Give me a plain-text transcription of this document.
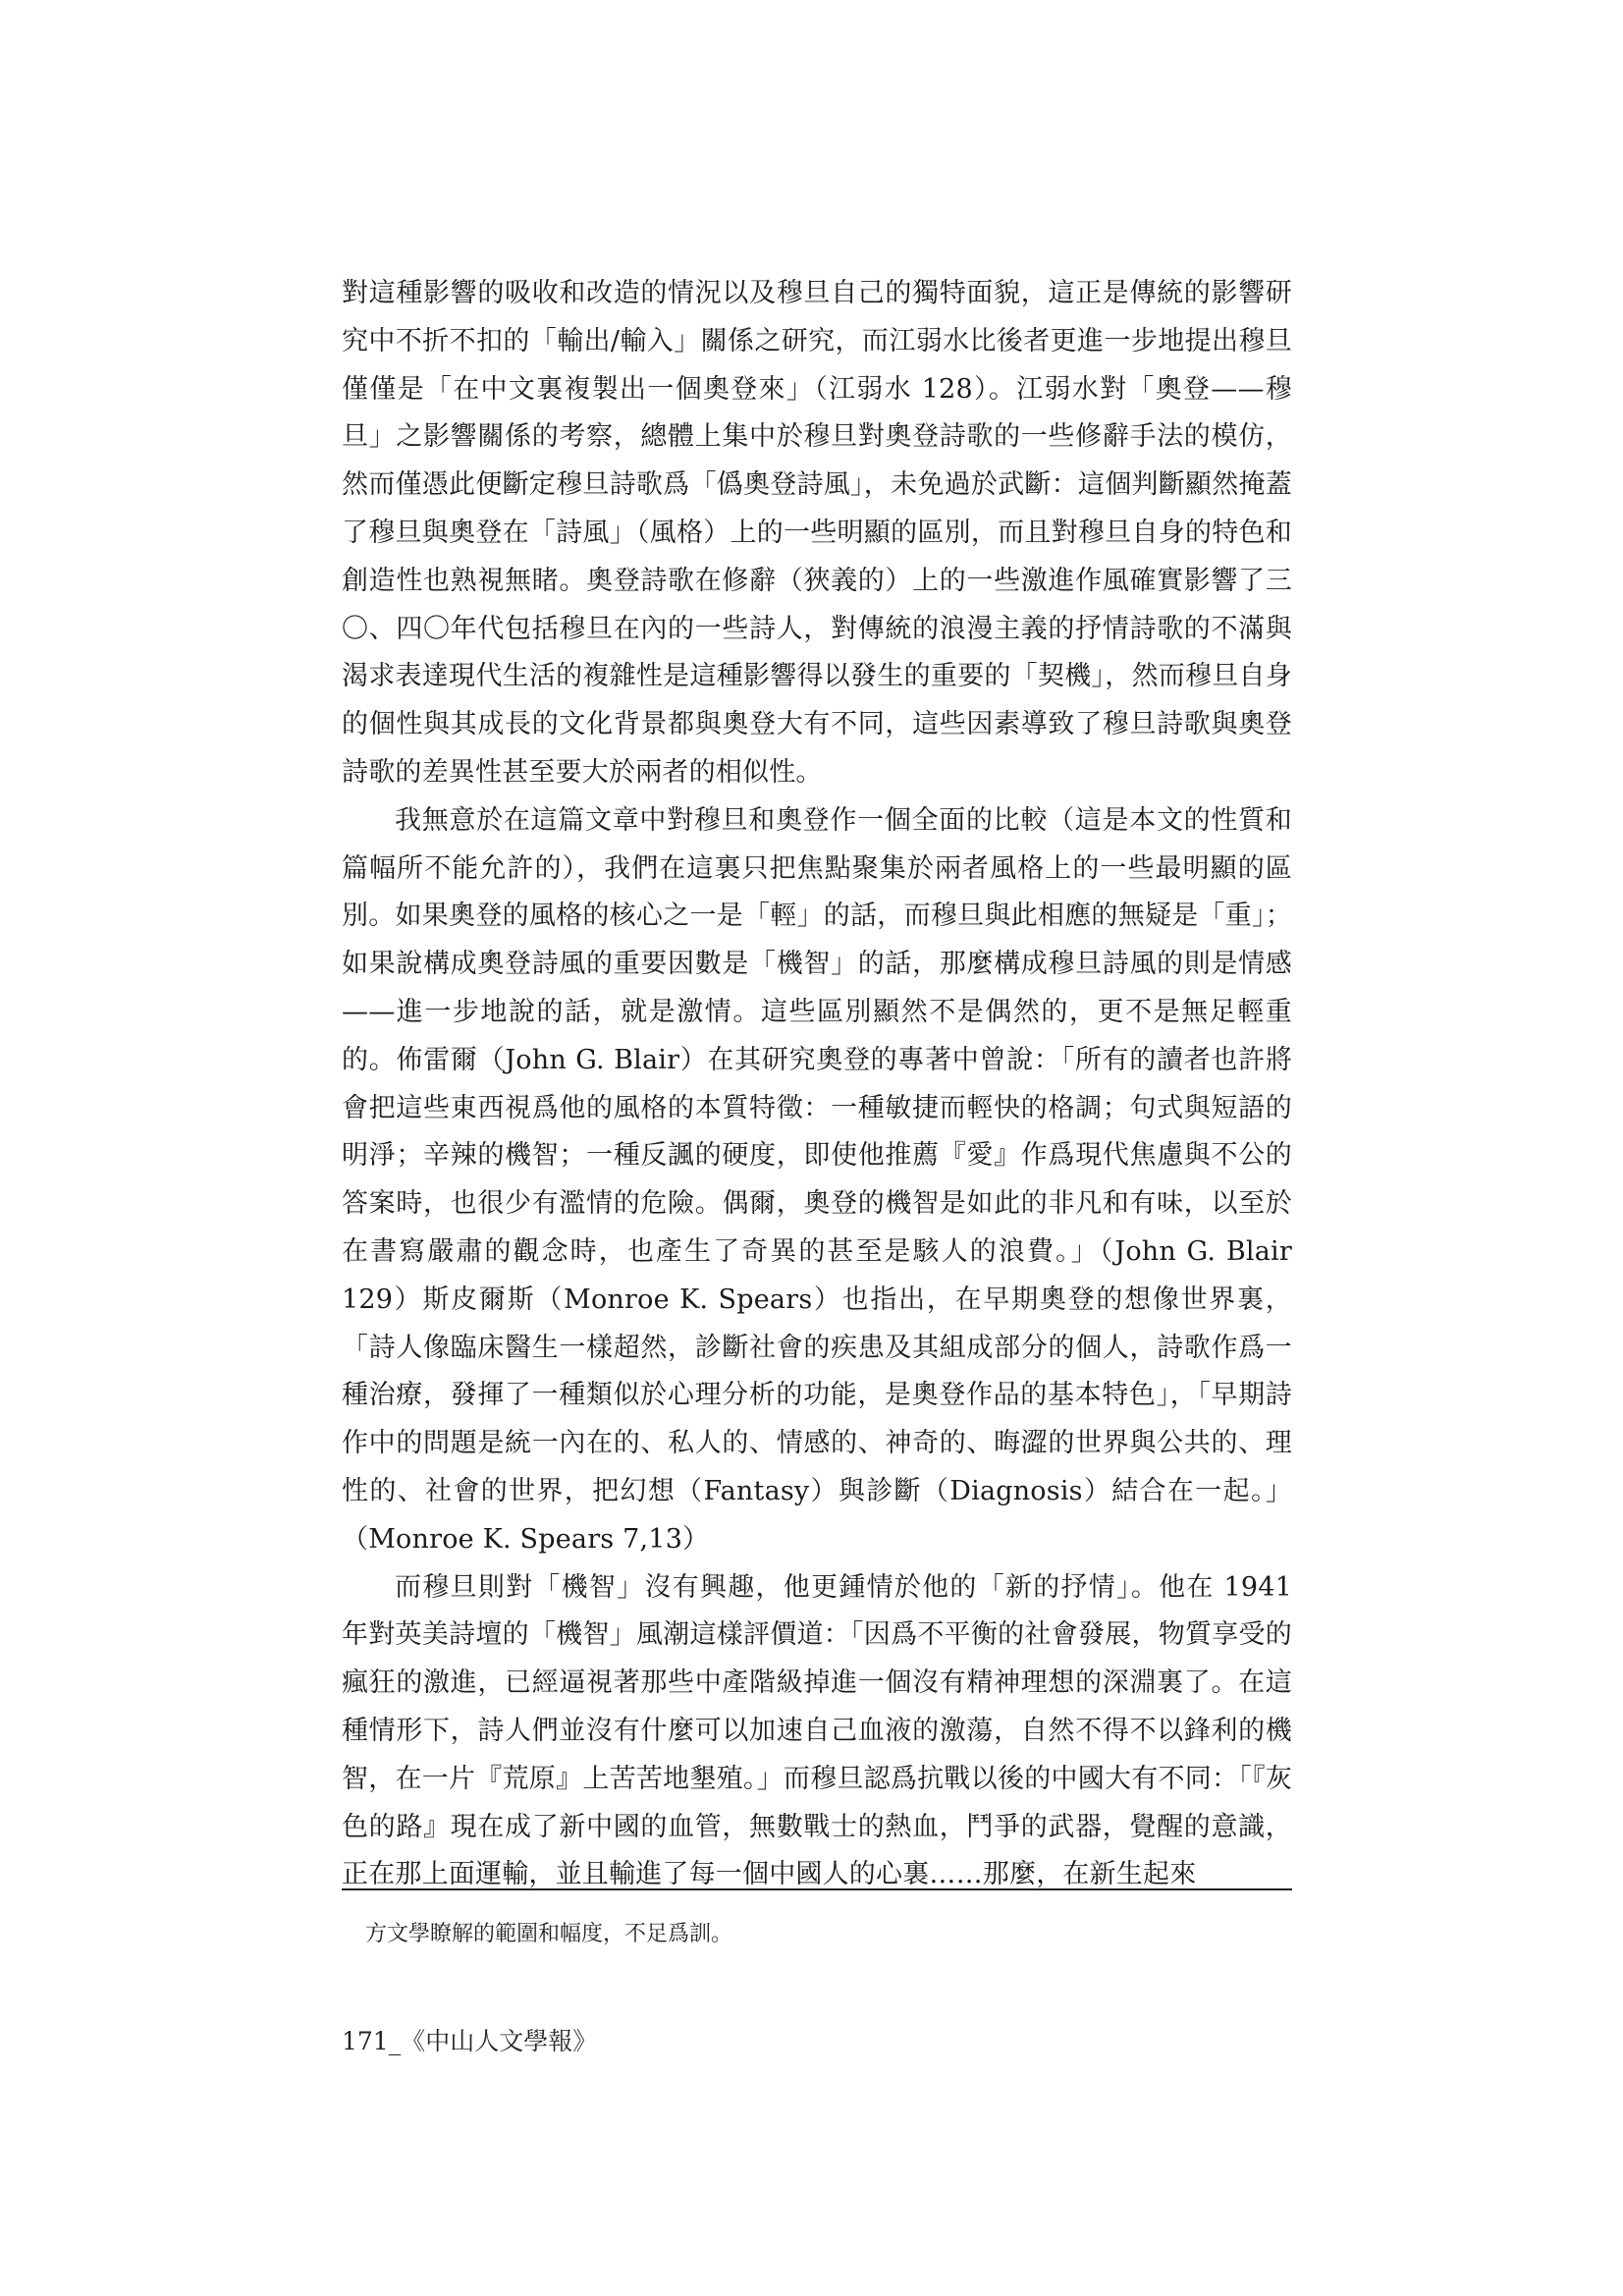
對這種影響的吸收和改造的情況以及穆旦自己的獨特面貌，這正是傳統的影響研究中不折不扣的「輸出/輸入」關係之研究，而江弱水比後者更進一步地提出穆旦僅僅是「在中文裏複製出一個奧登來」（江弱水 128）。江弱水對「奧登——穆旦」之影響關係的考察，總體上集中於穆旦對奧登詩歌的一些修辭手法的模仿，然而僅憑此便斷定穆旦詩歌爲「僞奧登詩風」，未免過於武斷：這個判斷顯然掩蓋了穆旦與奧登在「詩風」（風格）上的一些明顯的區別，而且對穆旦自身的特色和創造性也熟視無睹。奧登詩歌在修辭（狹義的）上的一些激進作風確實影響了三〇、四〇年代包括穆旦在內的一些詩人，對傳統的浪漫主義的抒情詩歌的不滿與渴求表達現代生活的複雜性是這種影響得以發生的重要的「契機」，然而穆旦自身的個性與其成長的文化背景都與奧登大有不同，這些因素導致了穆旦詩歌與奧登詩歌的差異性甚至要大於兩者的相似性。

我無意於在這篇文章中對穆旦和奧登作一個全面的比較（這是本文的性質和篇幅所不能允許的），我們在這裏只把焦點聚集於兩者風格上的一些最明顯的區別。如果奧登的風格的核心之一是「輕」的話，而穆旦與此相應的無疑是「重」；如果說構成奧登詩風的重要因數是「機智」的話，那麼構成穆旦詩風的則是情感——進一步地說的話，就是激情。這些區別顯然不是偶然的，更不是無足輕重的。佈雷爾（John G. Blair）在其研究奧登的專著中曾說：「所有的讀者也許將會把這些東西視爲他的風格的本質特徵：一種敏捷而輕快的格調；句式與短語的明淨；辛辣的機智；一種反諷的硬度，即使他推薦『愛』作爲現代焦慮與不公的答案時，也很少有濫情的危險。偶爾，奧登的機智是如此的非凡和有味，以至於在書寫嚴肅的觀念時，也產生了奇異的甚至是駭人的浪費。」（John G. Blair 129）斯皮爾斯（Monroe K. Spears）也指出，在早期奧登的想像世界裏，「詩人像臨床醫生一樣超然，診斷社會的疾患及其組成部分的個人，詩歌作爲一種治療，發揮了一種類似於心理分析的功能，是奧登作品的基本特色」，「早期詩作中的問題是統一內在的、私人的、情感的、神奇的、晦澀的世界與公共的、理性的、社會的世界，把幻想（Fantasy）與診斷（Diagnosis）結合在一起。」（Monroe K. Spears 7,13）

而穆旦則對「機智」沒有興趣，他更鍾情於他的「新的抒情」。他在 1941 年對英美詩壇的「機智」風潮這樣評價道：「因爲不平衡的社會發展，物質享受的瘋狂的激進，已經逼視著那些中產階級掉進一個沒有精神理想的深淵裏了。在這種情形下，詩人們並沒有什麼可以加速自己血液的激蕩，自然不得不以鋒利的機智，在一片『荒原』上苦苦地墾殖。」而穆旦認爲抗戰以後的中國大有不同：「『灰色的路』現在成了新中國的血管，無數戰士的熱血，鬥爭的武器，覺醒的意識，正在那上面運輸，並且輸進了每一個中國人的心裏……那麼，在新生起來

方文學瞭解的範圍和幅度，不足爲訓。
171_《中山人文學報》
